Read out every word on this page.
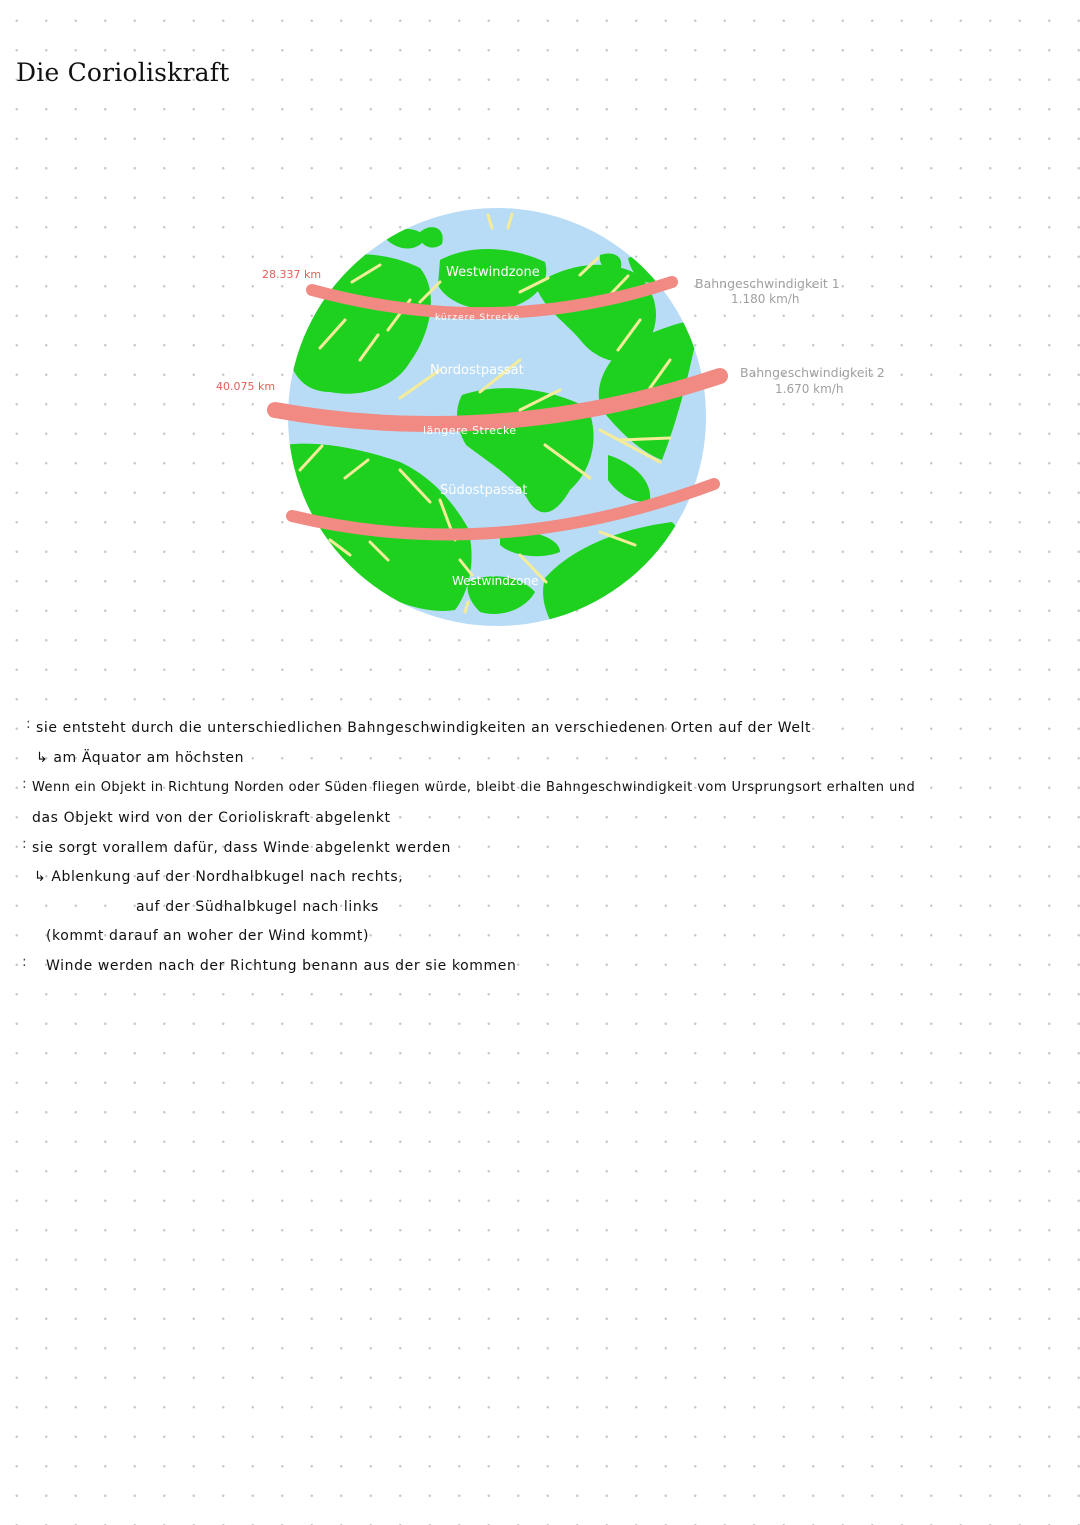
Die Corioliskraft
28.337 km
40.075 km
Westwindzone
kürzere Strecke
Nordostpassat
längere Strecke
Südostpassat
Westwindzone
Bahngeschwindigkeit 1
1.180 km/h
Bahngeschwindigkeit 2
1.670 km/h
: sie entsteht durch die unterschiedlichen Bahngeschwindigkeiten an verschiedenen Orten auf der Welt
↳ am Äquator am höchsten
: Wenn ein Objekt in Richtung Norden oder Süden fliegen würde, bleibt die Bahngeschwindigkeit vom Ursprungsort erhalten und
das Objekt wird von der Corioliskraft abgelenkt
: sie sorgt vorallem dafür, dass Winde abgelenkt werden
↳ Ablenkung auf der Nordhalbkugel nach rechts,
auf der Südhalbkugel nach links
(kommt darauf an woher der Wind kommt)
: Winde werden nach der Richtung benann aus der sie kommen
